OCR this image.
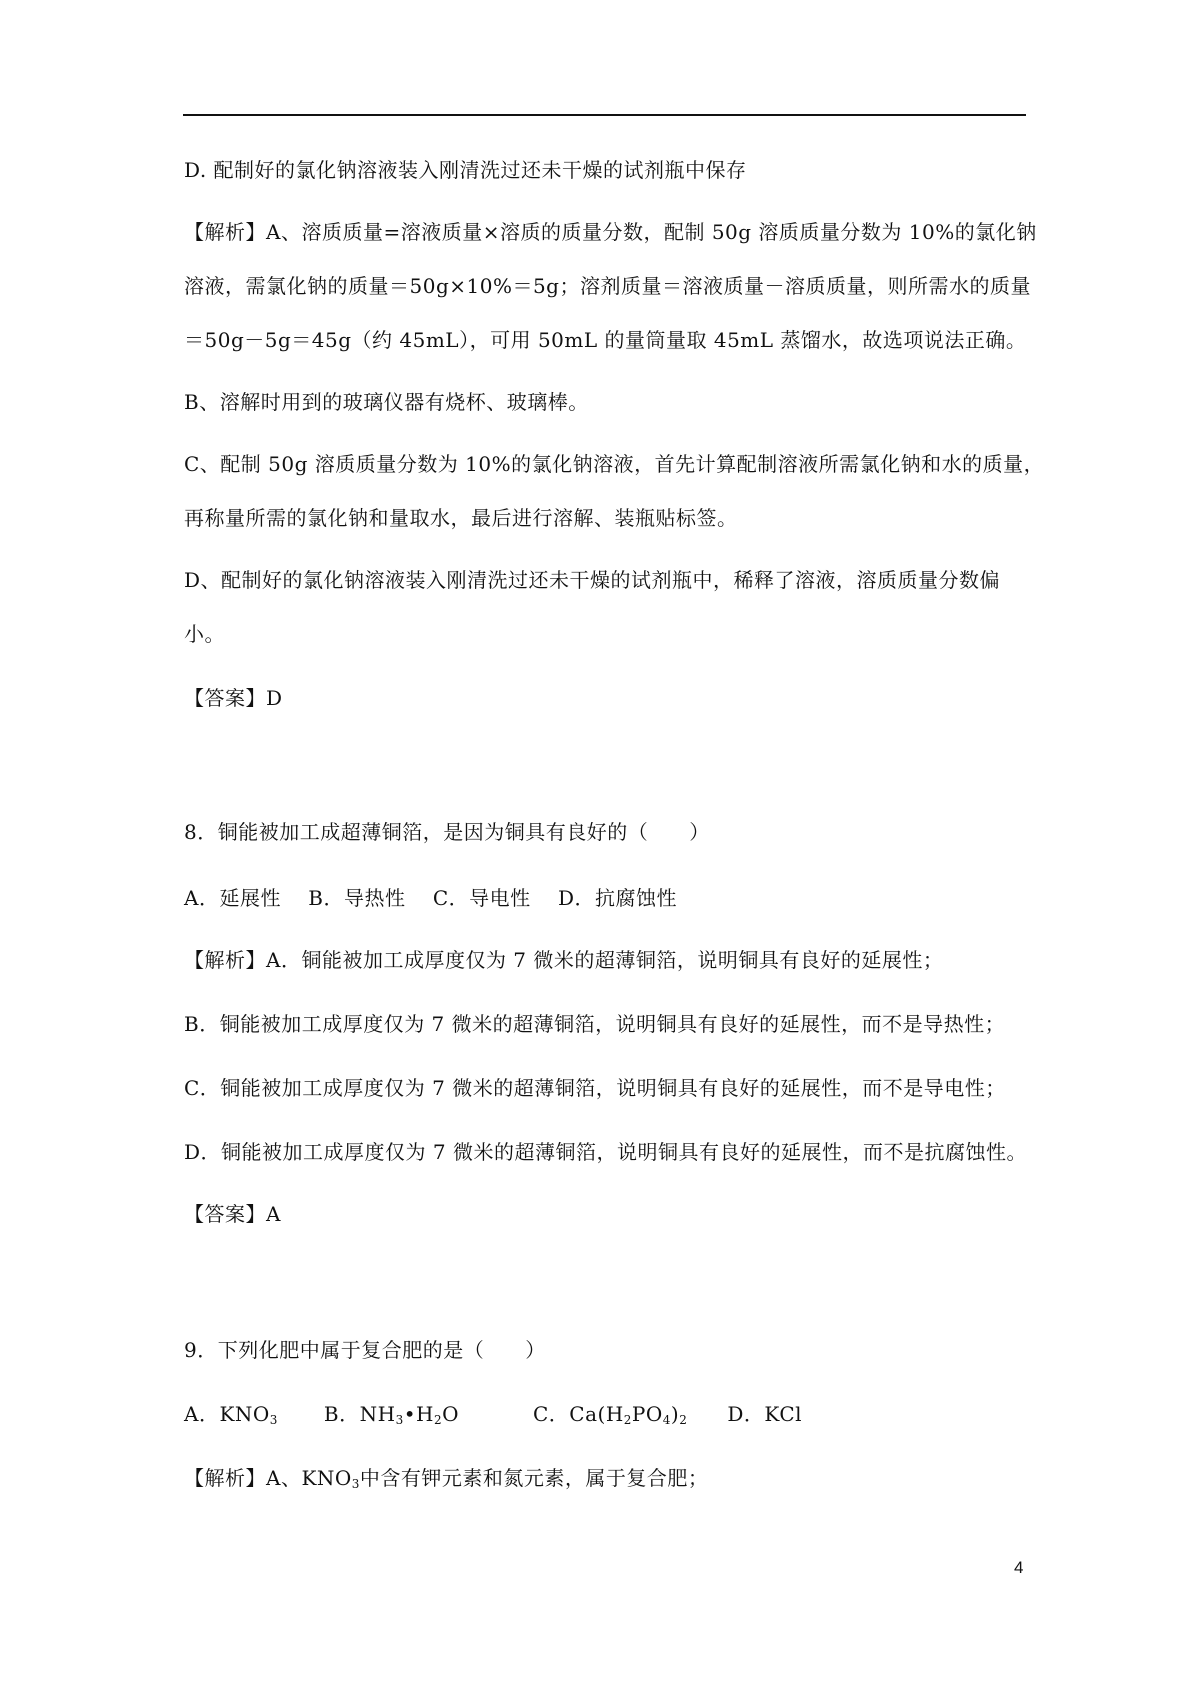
D. 配制好的氯化钠溶液装入刚清洗过还未干燥的试剂瓶中保存
【解析】A、溶质质量=溶液质量×溶质的质量分数，配制 50g 溶质质量分数为 10%的氯化钠
溶液，需氯化钠的质量＝50g×10%＝5g；溶剂质量＝溶液质量－溶质质量，则所需水的质量
＝50g－5g＝45g（约 45mL），可用 50mL 的量筒量取 45mL 蒸馏水，故选项说法正确。
B、溶解时用到的玻璃仪器有烧杯、玻璃棒。
C、配制 50g 溶质质量分数为 10%的氯化钠溶液，首先计算配制溶液所需氯化钠和水的质量，
再称量所需的氯化钠和量取水，最后进行溶解、装瓶贴标签。
D、配制好的氯化钠溶液装入刚清洗过还未干燥的试剂瓶中，稀释了溶液，溶质质量分数偏
小。
【答案】D
8．铜能被加工成超薄铜箔，是因为铜具有良好的（　　）
A．延展性　 B．导热性　 C．导电性　 D．抗腐蚀性
【解析】A．铜能被加工成厚度仅为 7 微米的超薄铜箔，说明铜具有良好的延展性；
B．铜能被加工成厚度仅为 7 微米的超薄铜箔，说明铜具有良好的延展性，而不是导热性；
C．铜能被加工成厚度仅为 7 微米的超薄铜箔，说明铜具有良好的延展性，而不是导电性；
D．铜能被加工成厚度仅为 7 微米的超薄铜箔，说明铜具有良好的延展性，而不是抗腐蚀性。
【答案】A
9．下列化肥中属于复合肥的是（　　）
A．$KNO_3$ B．$NH_3•H_2O$	C．$Ca(H_2PO_4)_2$ D．KCl
【解析】A、$KNO_3$中含有钾元素和氮元素，属于复合肥；
4
